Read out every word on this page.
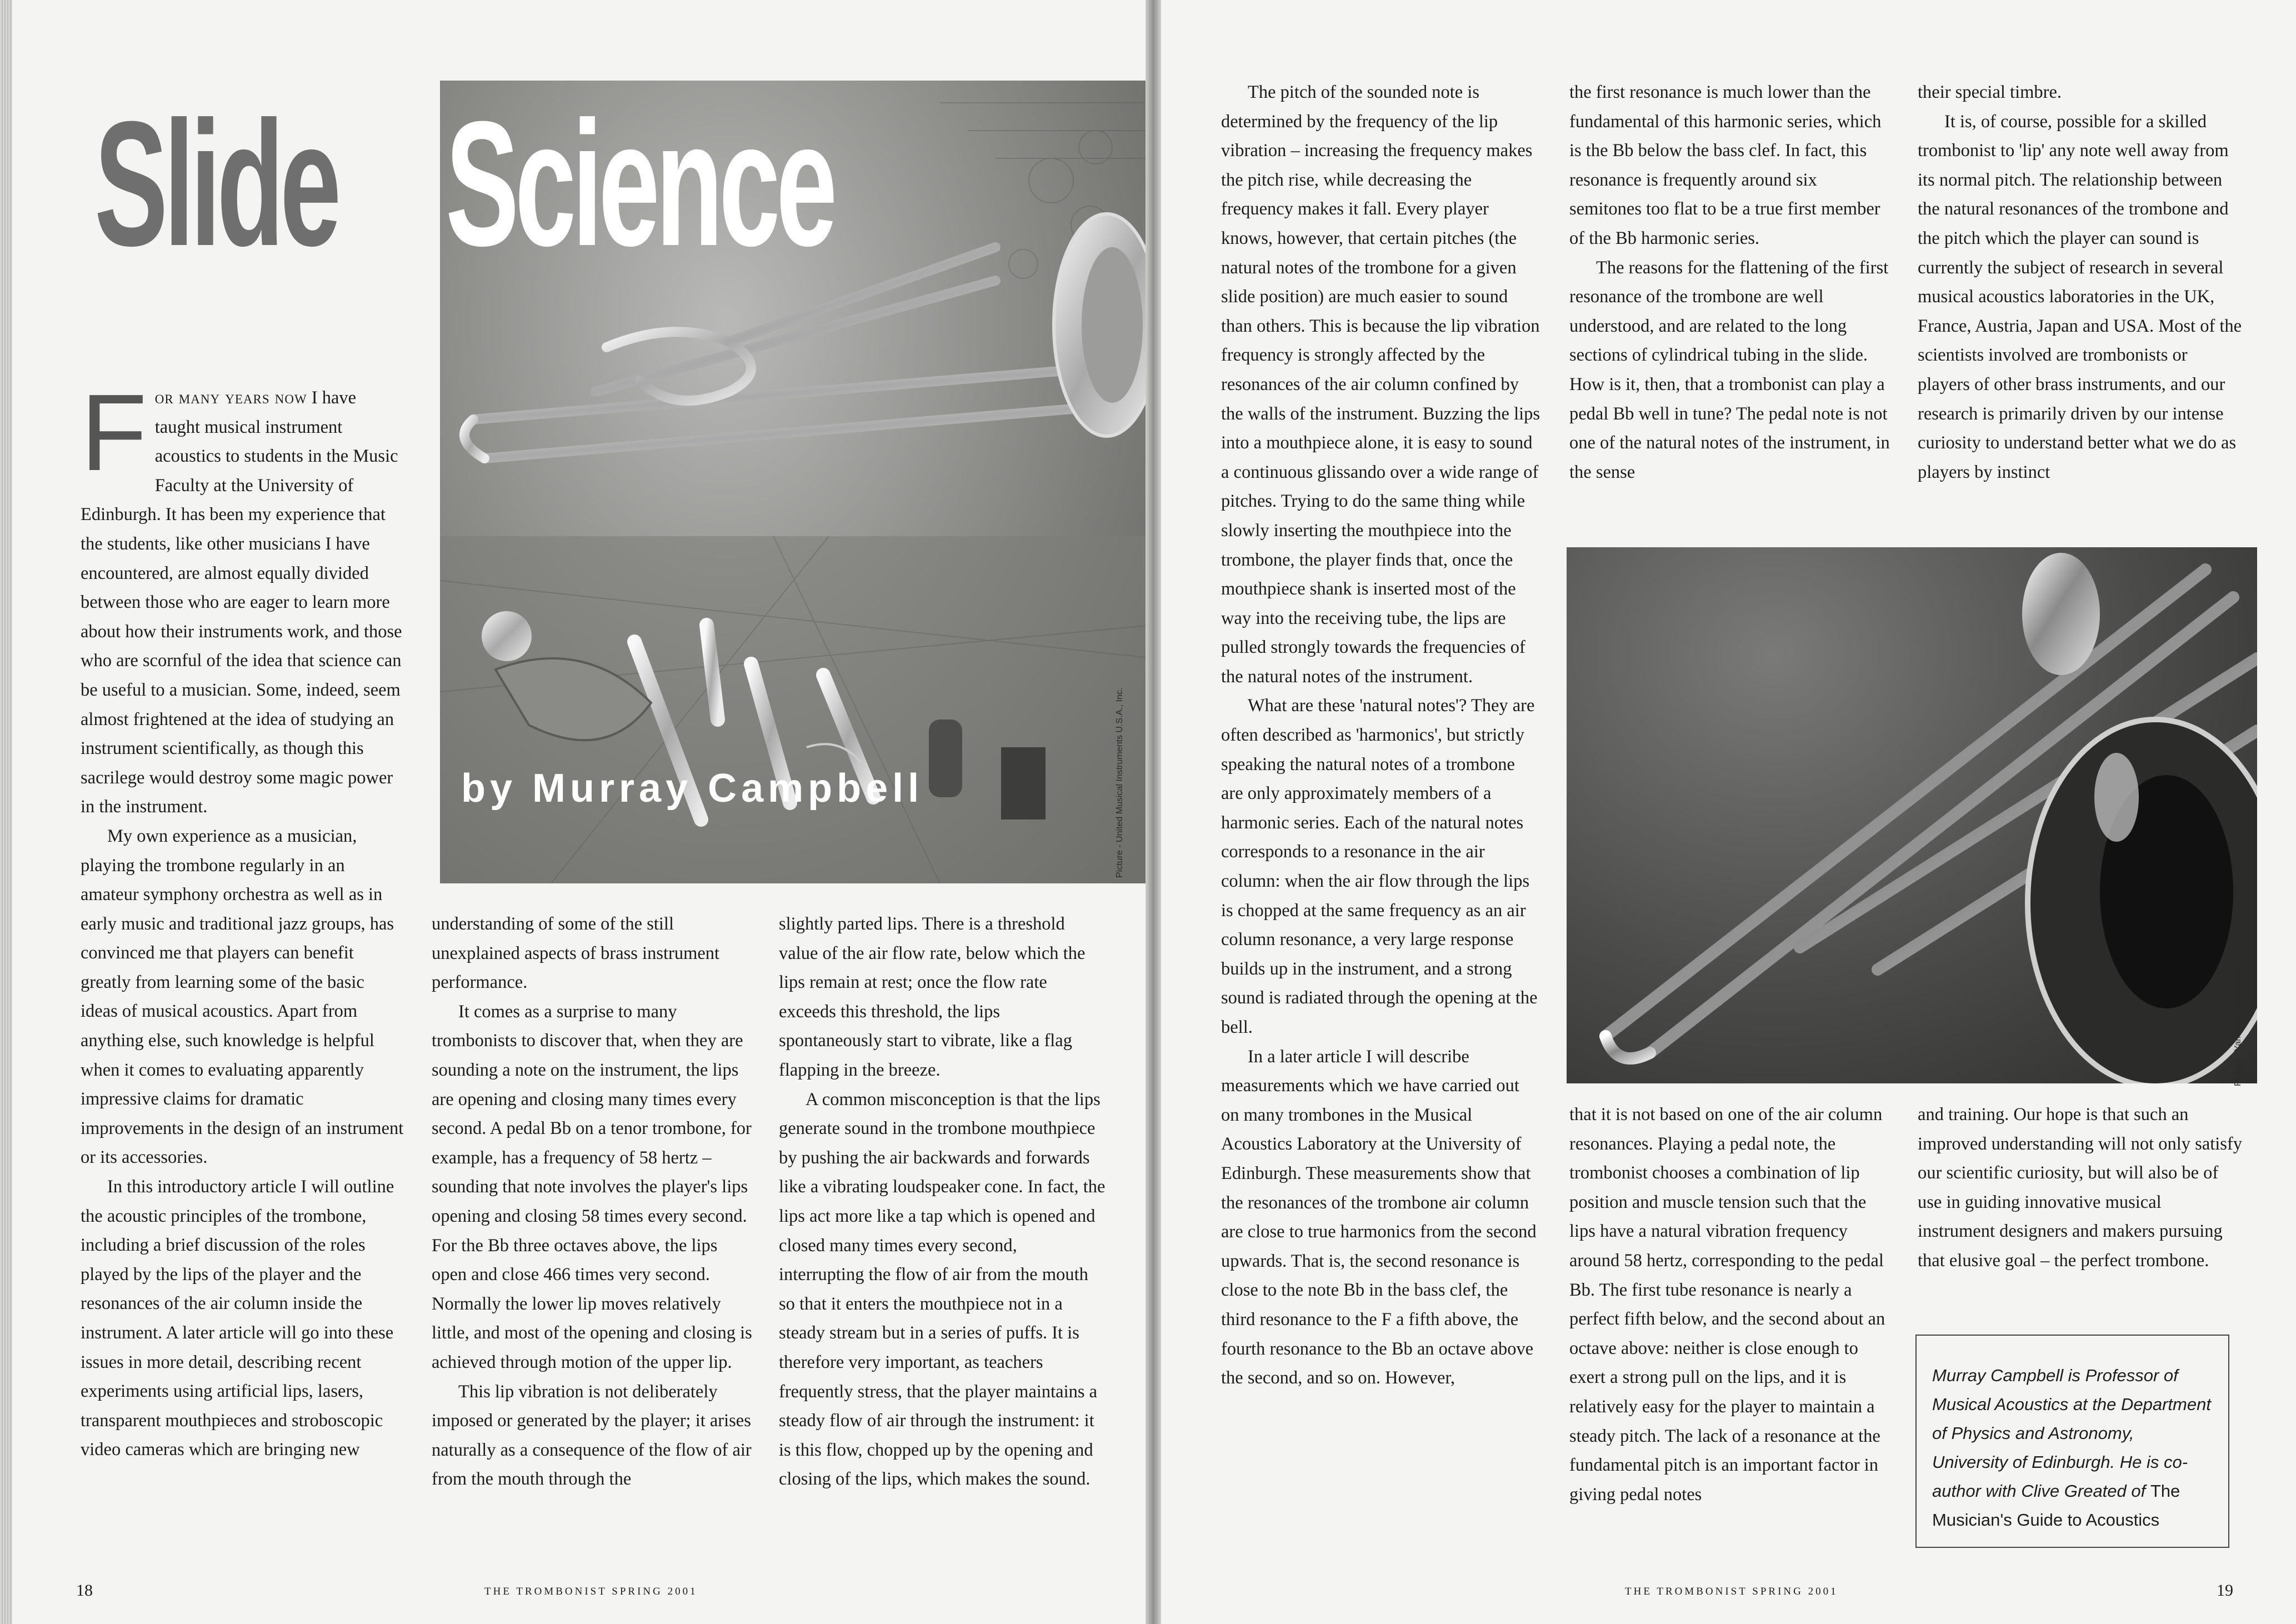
Slide Science
by Murray Campbell	Picture - United Musical Instruments U.S.A., Inc.

For many years now I have taught musical instrument acoustics to students in the Music Faculty at the University of Edinburgh. It has been my experience that the students, like other musicians I have encountered, are almost equally divided between those who are eager to learn more about how their instruments work, and those who are scornful of the idea that science can be useful to a musician. Some, indeed, seem almost frightened at the idea of studying an instrument scientifically, as though this sacrilege would destroy some magic power in the instrument.

My own experience as a musician, playing the trombone regularly in an amateur symphony orchestra as well as in early music and traditional jazz groups, has convinced me that players can benefit greatly from learning some of the basic ideas of musical acoustics. Apart from anything else, such knowledge is helpful when it comes to evaluating apparently impressive claims for dramatic improvements in the design of an instrument or its accessories.

In this introductory article I will outline the acoustic principles of the trombone, including a brief discussion of the roles played by the lips of the player and the resonances of the air column inside the instrument. A later article will go into these issues in more detail, describing recent experiments using artificial lips, lasers, transparent mouthpieces and stroboscopic video cameras which are bringing new

understanding of some of the still unexplained aspects of brass instrument performance.

It comes as a surprise to many trombonists to discover that, when they are sounding a note on the instrument, the lips are opening and closing many times every second. A pedal Bb on a tenor trombone, for example, has a frequency of 58 hertz – sounding that note involves the player's lips opening and closing 58 times every second. For the Bb three octaves above, the lips open and close 466 times very second. Normally the lower lip moves relatively little, and most of the opening and closing is achieved through motion of the upper lip.

This lip vibration is not deliberately imposed or generated by the player; it arises naturally as a consequence of the flow of air from the mouth through the

slightly parted lips. There is a threshold value of the air flow rate, below which the lips remain at rest; once the flow rate exceeds this threshold, the lips spontaneously start to vibrate, like a flag flapping in the breeze.

A common misconception is that the lips generate sound in the trombone mouthpiece by pushing the air backwards and forwards like a vibrating loudspeaker cone. In fact, the lips act more like a tap which is opened and closed many times every second, interrupting the flow of air from the mouth so that it enters the mouthpiece not in a steady stream but in a series of puffs. It is therefore very important, as teachers frequently stress, that the player maintains a steady flow of air through the instrument: it is this flow, chopped up by the opening and closing of the lips, which makes the sound.

18	THE TROMBONIST SPRING 2001

The pitch of the sounded note is determined by the frequency of the lip vibration – increasing the frequency makes the pitch rise, while decreasing the frequency makes it fall. Every player knows, however, that certain pitches (the natural notes of the trombone for a given slide position) are much easier to sound than others. This is because the lip vibration frequency is strongly affected by the resonances of the air column confined by the walls of the instrument. Buzzing the lips into a mouthpiece alone, it is easy to sound a continuous glissando over a wide range of pitches. Trying to do the same thing while slowly inserting the mouthpiece into the trombone, the player finds that, once the mouthpiece shank is inserted most of the way into the receiving tube, the lips are pulled strongly towards the frequencies of the natural notes of the instrument.

What are these 'natural notes'? They are often described as 'harmonics', but strictly speaking the natural notes of a trombone are only approximately members of a harmonic series. Each of the natural notes corresponds to a resonance in the air column: when the air flow through the lips is chopped at the same frequency as an air column resonance, a very large response builds up in the instrument, and a strong sound is radiated through the opening at the bell.

In a later article I will describe measurements which we have carried out on many trombones in the Musical Acoustics Laboratory at the University of Edinburgh. These measurements show that the resonances of the trombone air column are close to true harmonics from the second upwards. That is, the second resonance is close to the note Bb in the bass clef, the third resonance to the F a fifth above, the fourth resonance to the Bb an octave above the second, and so on. However,

the first resonance is much lower than the fundamental of this harmonic series, which is the Bb below the bass clef. In fact, this resonance is frequently around six semitones too flat to be a true first member of the Bb harmonic series.

The reasons for the flattening of the first resonance of the trombone are well understood, and are related to the long sections of cylindrical tubing in the slide. How is it, then, that a trombonist can play a pedal Bb well in tune? The pedal note is not one of the natural notes of the instrument, in the sense

their special timbre.

It is, of course, possible for a skilled trombonist to 'lip' any note well away from its normal pitch. The relationship between the natural resonances of the trombone and the pitch which the player can sound is currently the subject of research in several musical acoustics laboratories in the UK, France, Austria, Japan and USA. Most of the scientists involved are trombonists or players of other brass instruments, and our research is primarily driven by our intense curiosity to understand better what we do as players by instinct

that it is not based on one of the air column resonances. Playing a pedal note, the trombonist chooses a combination of lip position and muscle tension such that the lips have a natural vibration frequency around 58 hertz, corresponding to the pedal Bb. The first tube resonance is nearly a perfect fifth below, and the second about an octave above: neither is close enough to exert a strong pull on the lips, and it is relatively easy for the player to maintain a steady pitch. The lack of a resonance at the fundamental pitch is an important factor in giving pedal notes

and training. Our hope is that such an improved understanding will not only satisfy our scientific curiosity, but will also be of use in guiding innovative musical instrument designers and makers pursuing that elusive goal – the perfect trombone.

Murray Campbell is Professor of Musical Acoustics at the Department of Physics and Astronomy, University of Edinburgh. He is co-author with Clive Greated of The Musician's Guide to Acoustics
19
THE TROMBONIST SPRING 2001
Picture : Yamaha Corporation
